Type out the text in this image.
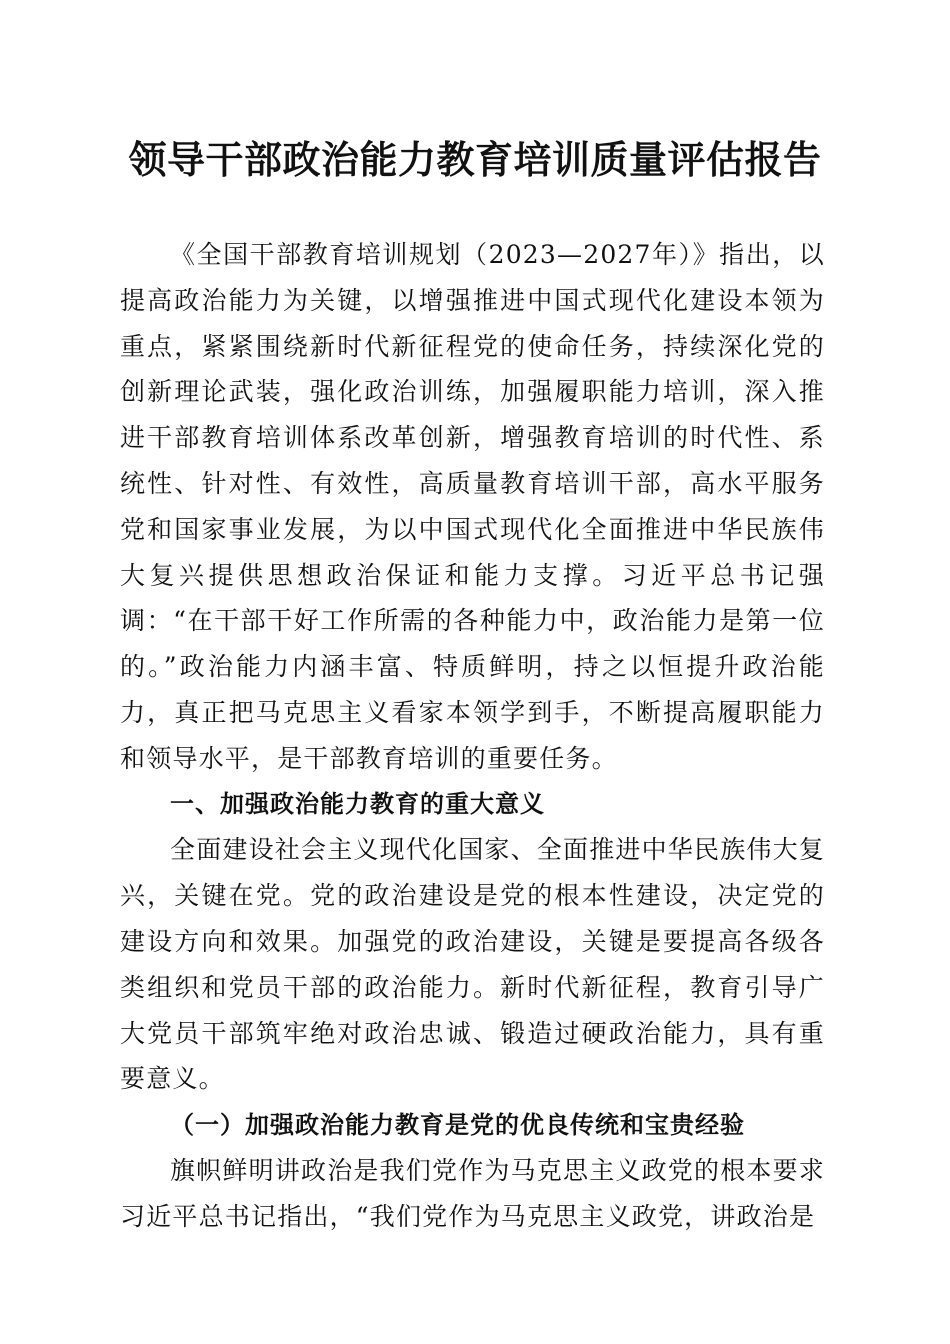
领导干部政治能力教育培训质量评估报告

《全国干部教育培训规划（2023—2027年）》指出，以提高政治能力为关键，以增强推进中国式现代化建设本领为重点，紧紧围绕新时代新征程党的使命任务，持续深化党的创新理论武装，强化政治训练，加强履职能力培训，深入推进干部教育培训体系改革创新，增强教育培训的时代性、系统性、针对性、有效性，高质量教育培训干部，高水平服务党和国家事业发展，为以中国式现代化全面推进中华民族伟大复兴提供思想政治保证和能力支撑。习近平总书记强调：“在干部干好工作所需的各种能力中，政治能力是第一位的。”政治能力内涵丰富、特质鲜明，持之以恒提升政治能力，真正把马克思主义看家本领学到手，不断提高履职能力和领导水平，是干部教育培训的重要任务。

一、加强政治能力教育的重大意义

全面建设社会主义现代化国家、全面推进中华民族伟大复兴，关键在党。党的政治建设是党的根本性建设，决定党的建设方向和效果。加强党的政治建设，关键是要提高各级各类组织和党员干部的政治能力。新时代新征程，教育引导广大党员干部筑牢绝对政治忠诚、锻造过硬政治能力，具有重要意义。

（一）加强政治能力教育是党的优良传统和宝贵经验

旗帜鲜明讲政治是我们党作为马克思主义政党的根本要求习近平总书记指出，“我们党作为马克思主义政党，讲政治是
